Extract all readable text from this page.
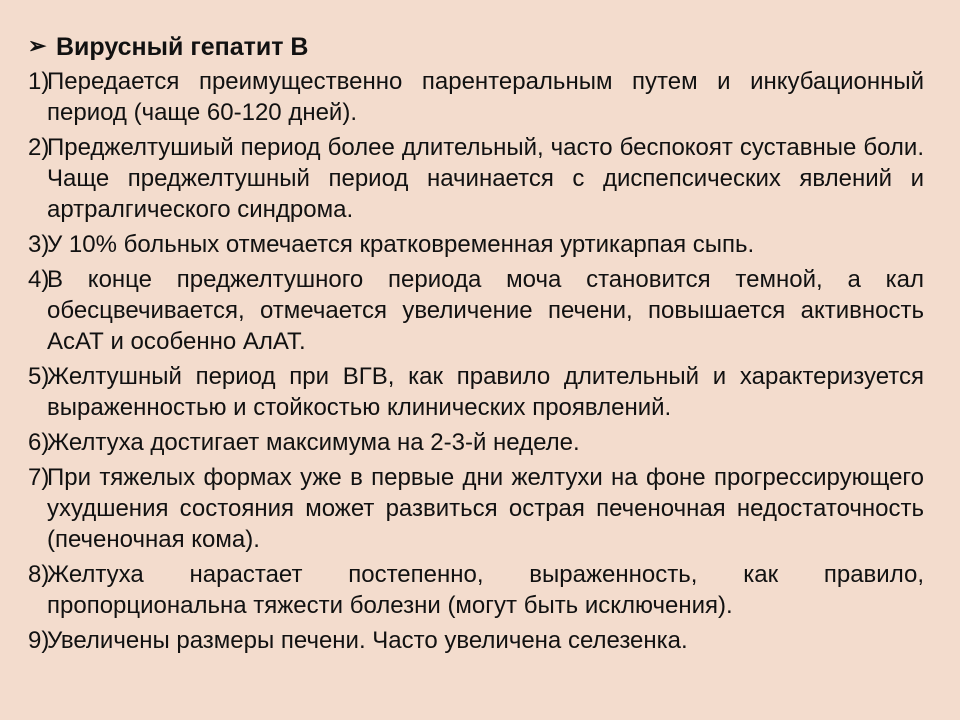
➢ Вирусный гепатит В
1)
Передается преимущественно парентеральным путем и инкубационный период (чаще 60-120 дней).
2)
Преджелтушиый период более длительный, часто беспокоят суставные боли. Чаще преджелтушный период начинается с диспепсических явлений и артралгического синдрома.
3)
У 10% больных отмечается кратковременная уртикарпая сыпь.
4)
В конце преджелтушного периода моча становится темной, а кал обесцвечивается, отмечается увеличение печени, повышается активность АсАТ и особенно АлАТ.
5)
Желтушный период при ВГВ, как правило длительный и характеризуется выраженностью и стойкостью клинических проявлений.
6)
Желтуха достигает максимума на 2-3-й неделе.
7)
При тяжелых формах уже в первые дни желтухи на фоне прогрессирующего ухудшения состояния может развиться острая печеночная недостаточность (печеночная кома).
8)
Желтуха нарастает постепенно, выраженность, как правило, пропорциональна тяжести болезни (могут быть исключения).
9)
Увеличены размеры печени. Часто увеличена селезенка.
